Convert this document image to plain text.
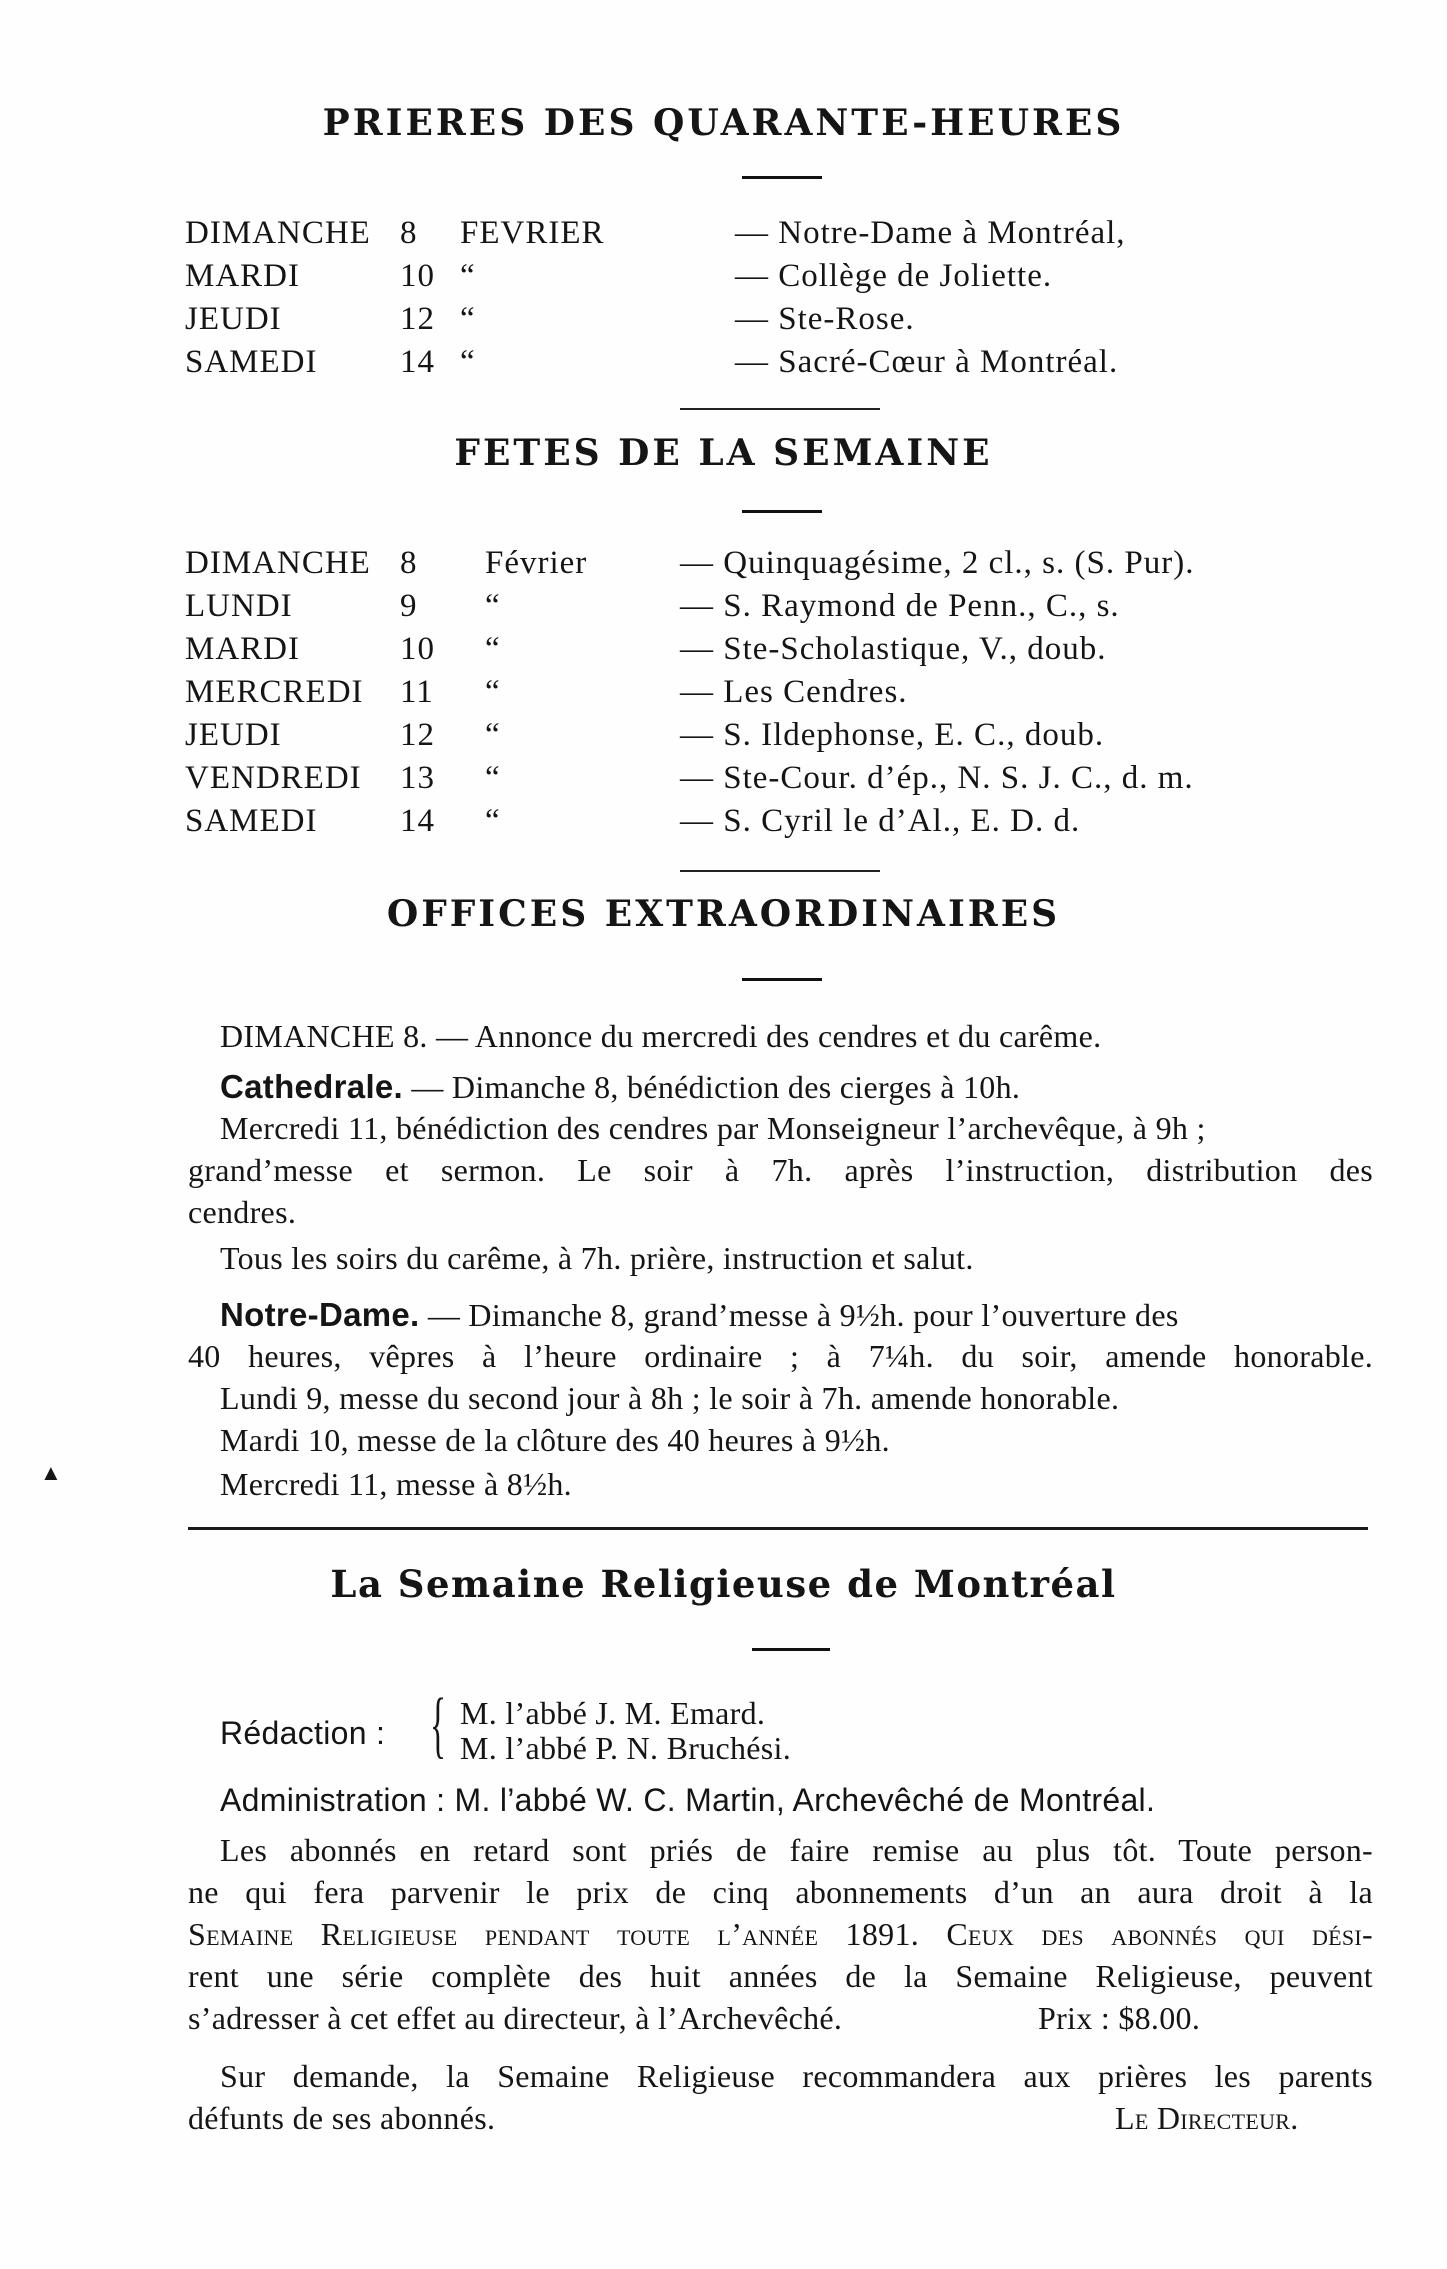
PRIERES DES QUARANTE-HEURES
DIMANCHE 8 FEVRIER	— Notre-Dame à Montréal,
MARDI	10 “	— Collège de Joliette.
JEUDI	12 “	— Ste-Rose.
SAMEDI 14 “	— Sacré-Cœur à Montréal.
FETES DE LA SEMAINE
DIMANCHE 8 Février	— Quinquagésime, 2 cl., s. (S. Pur).
LUNDI	9 “	— S. Raymond de Penn., C., s.
MARDI	10 “	— Ste-Scholastique, V., doub.
MERCREDI 11 “	— Les Cendres.
JEUDI	12 “	— S. Ildephonse, E. C., doub.
VENDREDI 13 “	— Ste-Cour. d’ép., N. S. J. C., d. m.
SAMEDI 14 “	— S. Cyril le d’Al., E. D. d.
OFFICES EXTRAORDINAIRES
DIMANCHE 8. — Annonce du mercredi des cendres et du carême.
Cathedrale. — Dimanche 8, bénédiction des cierges à 10h.
Mercredi 11, bénédiction des cendres par Monseigneur l’archevêque, à 9h ;
grand’messe et sermon. Le soir à 7h. après l’instruction, distribution des
cendres.
Tous les soirs du carême, à 7h. prière, instruction et salut.
Notre-Dame. — Dimanche 8, grand’messe à 9½h. pour l’ouverture des
40 heures, vêpres à l’heure ordinaire ; à 7¼h. du soir, amende honorable.
Lundi 9, messe du second jour à 8h ; le soir à 7h. amende honorable.
Mardi 10, messe de la clôture des 40 heures à 9½h.
Mercredi 11, messe à 8½h.
▲
La Semaine Religieuse de Montréal
Rédaction : { M. l’abbé J. M. Emard.
M. l’abbé P. N. Bruchési.
Administration : M. l’abbé W. C. Martin, Archevêché de Montréal.
Les abonnés en retard sont priés de faire remise au plus tôt. Toute person-
ne qui fera parvenir le prix de cinq abonnements d’un an aura droit à la
Semaine Religieuse pendant toute l’année 1891. Ceux des abonnés qui dési-
rent une série complète des huit années de la Semaine Religieuse, peuvent
s’adresser à cet effet au directeur, à l’Archevêché.	Prix : $8.00.
Sur demande, la Semaine Religieuse recommandera aux prières les parents
défunts de ses abonnés.	Le Directeur.
